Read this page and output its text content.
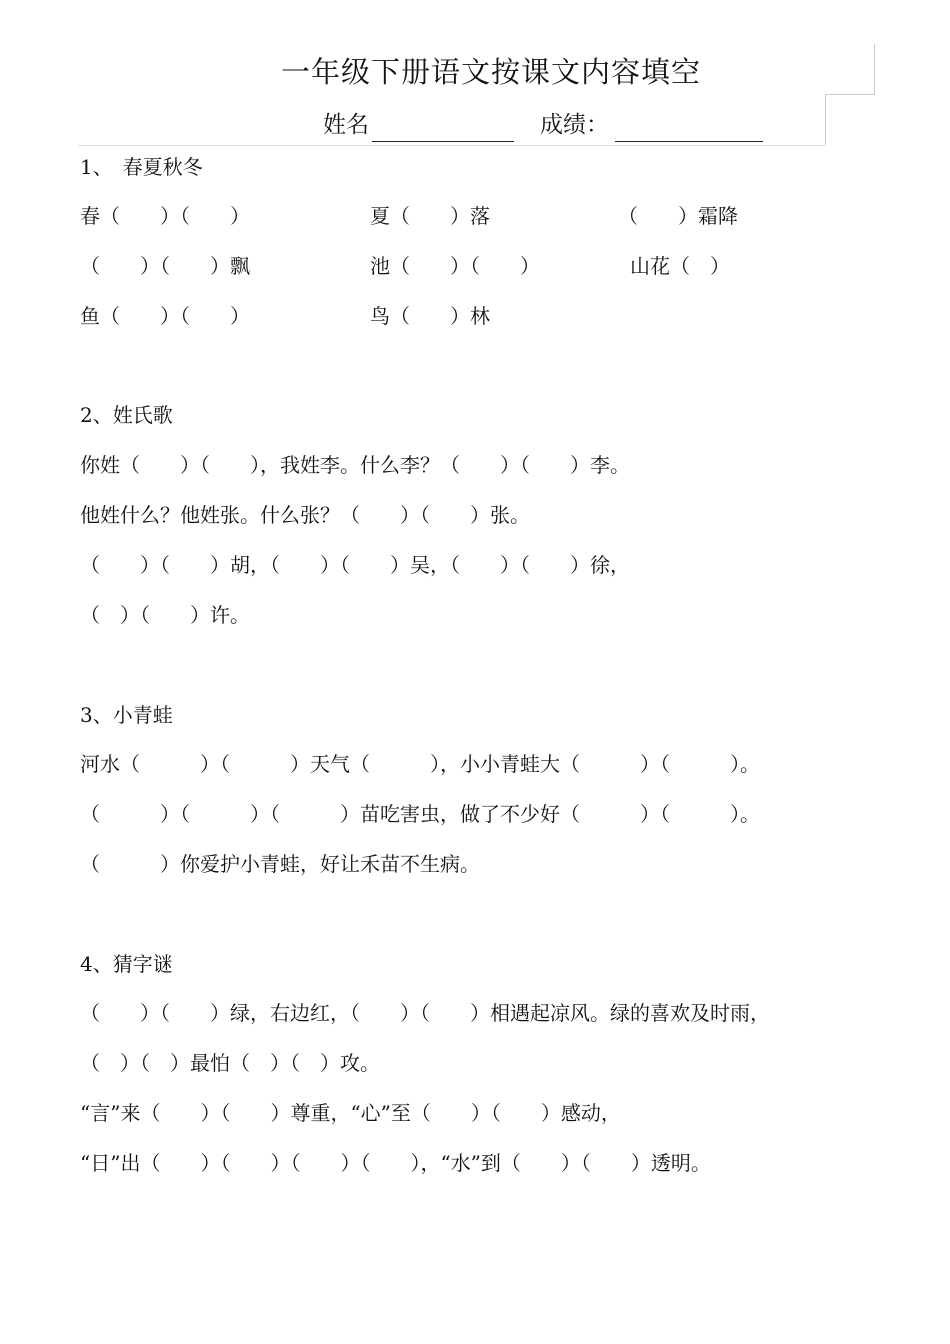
一年级下册语文按课文内容填空
姓名	成绩：
1、　春夏秋冬
春（　　）（　　）	夏（　　）落	（　　）霜降
（　　）（　　）飘	池（　　）（　　）	山花（　）
鱼（　　）（　　）	鸟（　　）林
2、姓氏歌
你姓（　　）（　　），我姓李。什么李？（　　）（　　）李。
他姓什么？他姓张。什么张？（　　）（　　）张。
（　　）（　　）胡，（　　）（　　）吴，（　　）（　　）徐，
（　）（　　）许。
3、小青蛙
河水（　　　）（　　　）天气（　　　），小小青蛙大（　　　）（　　　）。
（　　　）（　　　）（　　　）苗吃害虫，做了不少好（　　　）（　　　）。
（　　　）你爱护小青蛙，好让禾苗不生病。
4、猜字谜
（　　）（　　）绿，右边红，（　　）（　　）相遇起凉风。绿的喜欢及时雨，
（　）（　）最怕（　）（　）攻。
“言”来（　　）（　　）尊重，“心”至（　　）（　　）感动，
“日”出（　　）（　　）（　　）（　　），“水”到（　　）（　　）透明。
